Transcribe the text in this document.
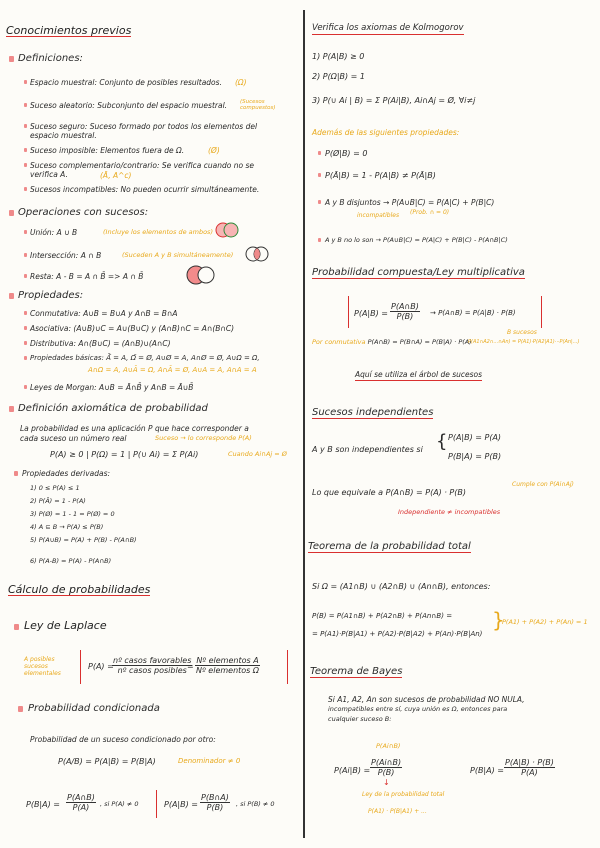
Conocimientos previos
Definiciones:
Espacio muestral: Conjunto de posibles resultados. (Ω)
Suceso aleatorio: Subconjunto del espacio muestral. (Sucesos compuestos)
Suceso seguro: Suceso formado por todos los elementos del espacio muestral.
Suceso imposible: Elementos fuera de Ω.	(Ø)
Suceso complementario/contrario: Se verifica cuando no se verifica A.	(Ā, A^c)
Sucesos incompatibles: No pueden ocurrir simultáneamente.
Operaciones con sucesos:
Unión: A ∪ B	(Incluye los elementos de ambos)
Intersección: A ∩ B	(Suceden A y B simultáneamente)
Resta: A - B = A ∩ B̄ => A ∩ B̄
Propiedades:
Conmutativa: A∪B = B∪A y A∩B = B∩A
Asociativa: (A∪B)∪C = A∪(B∪C) y (A∩B)∩C = A∩(B∩C)
Distributiva: A∩(B∪C) = (A∩B)∪(A∩C)
Propiedades básicas: Ā̄ = A, Ω̄ = Ø, A∪Ø = A, A∩Ø = Ø, A∪Ω = Ω,
A∩Ω = A, A∪Ā = Ω, A∩Ā = Ø, A∪A = A, A∩A = A
Leyes de Morgan: A∪B = Ā∩B̄ y A∩B = Ā∪B̄
Definición axiomática de probabilidad
La probabilidad es una aplicación P que hace corresponder a
cada suceso un número real	Suceso → lo corresponde P(A)
P(A) ≥ 0 | P(Ω) = 1 | P(∪ Ai) = Σ P(Ai)	Cuando Ai∩Aj = Ø
Propiedades derivadas:
1) 0 ≤ P(A) ≤ 1
2) P(Ā) = 1 - P(A)
3) P(Ø) = 1 - 1 = P(Ø) = 0
4) A ⊆ B → P(A) ≤ P(B)
5) P(A∪B) = P(A) + P(B) - P(A∩B)
6) P(A-B) = P(A) - P(A∩B)
Cálculo de probabilidades
Ley de Laplace
A posibles sucesos elementales
P(A) =
$\frac{\text{nº casos favorables}}{\text{nº casos posibles}}$
= $\frac{\text{Nº elementos A}}{\text{Nº elementos Ω}}$
Probabilidad condicionada
Probabilidad de un suceso condicionado por otro:
P(A/B) = P(A|B) = P(B|A)	Denominador ≠ 0
$P(B|A) = \frac{P(A\cap B)}{P(A)}$ , si P(A) ≠ 0	$P(A|B) = \frac{P(B\cap A)}{P(B)}$ , si P(B) ≠ 0
Verifica los axiomas de Kolmogorov
1) P(A|B) ≥ 0
2) P(Ω|B) = 1
3) P(∪ Ai | B) = Σ P(Ai|B), Ai∩Aj = Ø, ∀i≠j
Además de las siguientes propiedades:
P(Ø|B) = 0
P(Ā|B) = 1 - P(A|B) ≠ P(Ā|B)
A y B disjuntos → P(A∪B|C) = P(A|C) + P(B|C)
incompatibles (Prob. ∩ = 0)
A y B no lo son → P(A∪B|C) = P(A|C) + P(B|C) - P(A∩B|C)
Probabilidad compuesta/Ley multiplicativa
$P(A|B) = \frac{P(A\cap B)}{P(B)}$ → P(A∩B) = P(A|B) · P(B)
B sucesos
Por conmutativa P(A∩B) = P(B∩A) = P(B|A) · P(A)
P(A1∩A2∩...∩An) = P(A1)·P(A2|A1)···P(An|...)
Aquí se utiliza el árbol de sucesos
Sucesos independientes
A y B son independientes si { P(A|B) = P(A)
P(B|A) = P(B)
Lo que equivale a P(A∩B) = P(A) · P(B)
Cumple con P(Ai∩Aj)
Independiente ≠ incompatibles
Teorema de la probabilidad total
Si Ω = (A1∩B) ∪ (A2∩B) ∪ (An∩B), entonces:
P(B) = P(A1∩B) + P(A2∩B) + P(An∩B) =
= P(A1)·P(B|A1) + P(A2)·P(B|A2) + P(An)·P(B|An)
}
P(A1) + P(A2) + P(An) = 1
Teorema de Bayes
Si A1, A2, An son sucesos de probabilidad NO NULA,
incompatibles entre sí, cuya unión es Ω, entonces para
cualquier suceso B:
P(Ai∩B)
$P(Ai|B) = \frac{P(Ai\cap B)}{P(B)}$
↓
Ley de la probabilidad total
P(A1) · P(B|A1) + ...
$P(B|A) = \frac{P(A|B) \cdot P(B)}{P(A)}$
